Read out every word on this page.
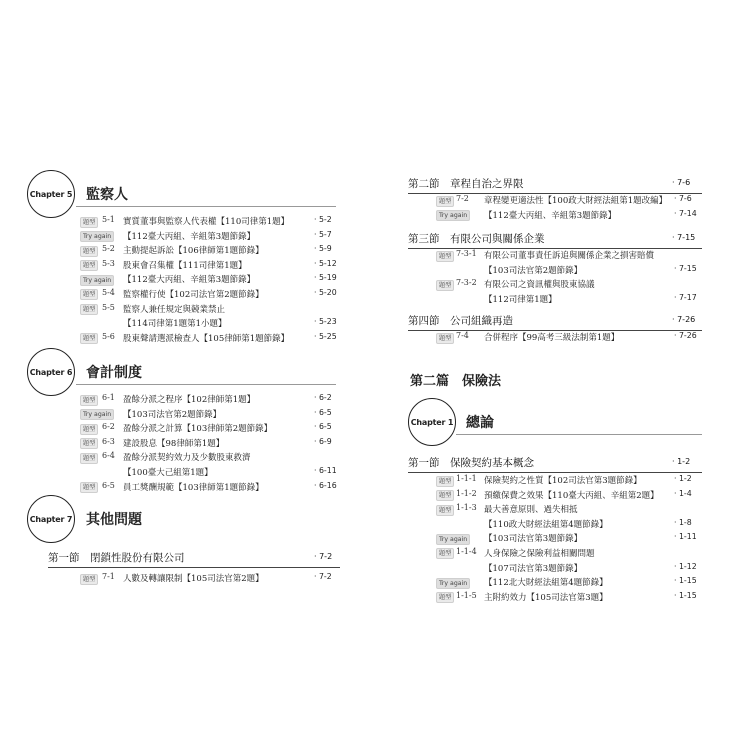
Chapter 5 監察人
題型 5-1 實質董事與監察人代表權【110司律第1題】	· 5-2
Try again	【112臺大丙組、辛組第3題節錄】	· 5-7
題型 5-2 主動提起訴訟【106律師第1題節錄】	· 5-9
題型 5-3 股東會召集權【111司律第1題】	· 5-12
Try again	【112臺大丙組、辛組第3題節錄】	· 5-19
題型 5-4 監察權行使【102司法官第2題節錄】	· 5-20
題型 5-5 監察人兼任規定與競業禁止
【114司律第1題第1小題】	· 5-23
題型 5-6 股東聲請選派檢查人【105律師第1題節錄】	· 5-25
Chapter 6 會計制度
題型 6-1 盈餘分派之程序【102律師第1題】	· 6-2
Try again	【103司法官第2題節錄】	· 6-5
題型 6-2 盈餘分派之計算【103律師第2題節錄】	· 6-5
題型 6-3 建設股息【98律師第1題】	· 6-9
題型 6-4 盈餘分派契約效力及少數股東救濟
【100臺大己組第1題】	· 6-11
題型 6-5 員工獎酬規範【103律師第1題節錄】	· 6-16
Chapter 7 其他問題
第一節　閉鎖性股份有限公司	· 7-2
題型 7-1 人數及轉讓限制【105司法官第2題】	· 7-2
第二節　章程自治之界限	· 7-6
題型 7-2 章程變更適法性【100政大財經法組第1題改編】 · 7-6
Try again	【112臺大丙組、辛組第3題節錄】	· 7-14
第三節　有限公司與關係企業	· 7-15
題型 7-3-1 有限公司董事責任訴追與關係企業之損害賠償
【103司法官第2題節錄】	· 7-15
題型 7-3-2 有限公司之資訊權與股東協議
【112司律第1題】	· 7-17
第四節　公司組織再造	· 7-26
題型 7-4 合併程序【99高考三級法制第1題】	· 7-26
第二篇　保險法
Chapter 1 總論
第一節　保險契約基本概念	· 1-2
題型 1-1-1 保險契約之性質【102司法官第3題節錄】	· 1-2
題型 1-1-2 預繳保費之效果【110臺大丙組、辛組第2題】 · 1-4
題型 1-1-3 最大善意原則、過失相抵
【110政大財經法組第4題節錄】	· 1-8
Try again	【103司法官第3題節錄】	· 1-11
題型 1-1-4 人身保險之保險利益相關問題
【107司法官第3題節錄】	· 1-12
Try again	【112北大財經法組第4題節錄】	· 1-15
題型 1-1-5 主附約效力【105司法官第3題】	· 1-15
